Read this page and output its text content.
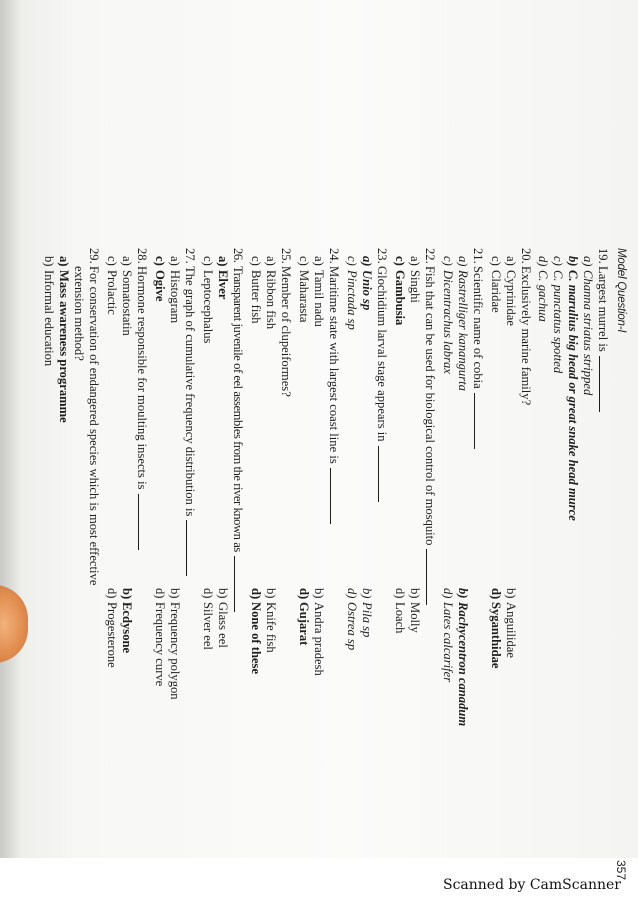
Model Question-I
357
19.Largest murrel is
a)Channa striatus stripped
b)C. marulius big head or great snake head murce
c)C. punctatus spotted
d)C. gachua
20.Exclusively marine family?
a)Cyprinidae
b)Anguilidae
c)Claridae
d)Syganthidae
21.Scientific name of cobia
a)Rastrelliger kanangurta
b)Rachycentron canadum
c)Dicentrachus labrax
d)Lates calcarifer
22.Fish that can be used for biological control of mosquito
a)Singhi
b)Molly
c)Gambusia
d)Loach
23.Glochidium larval stage appears in
a)Unio sp
b)Pila sp
c)Pinctada sp
d)Ostrea sp
24.Maritime state with largest coast line is
a)Tamil nadu
b)Andra pradesh
c)Maharasta
d)Gujarat
25.Member of clupeiformes?
a)Ribbon fish
b)Knife fish
c)Butter fish
d)None of these
26.Transparent juvenile of eel assembles from the river known as
a)Elver
b)Glass eel
c)Leptocephalus
d)Silver eel
27.The graph of cumulative frequency distribution is
a)Histogram
b)Frequency polygon
c)Ogive
d)Frequency curve
28.Hormone responsible for moulting insects is
a)Somatostatin
b)Ecdysone
c)Prolactic
d)Progesterone
29.For conservation of endangered species which is most effective
extension method?
a)Mass awareness programme
b)Informal education
Scanned by CamScanner
